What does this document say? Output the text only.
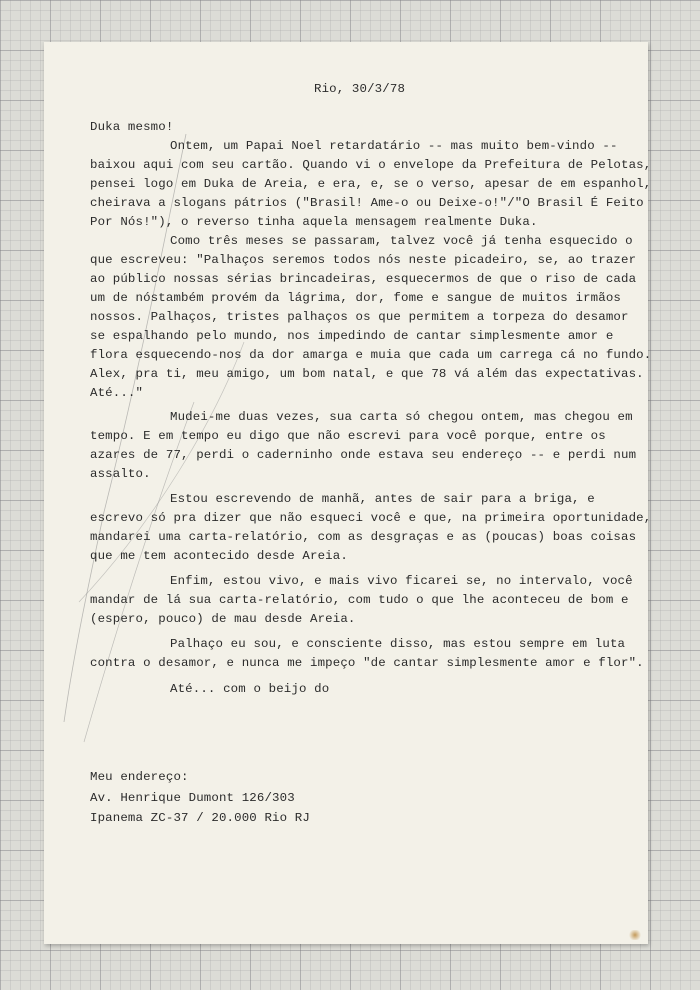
Rio, 30/3/78

Duka mesmo!

Ontem, um Papai Noel retardatário -- mas muito bem-vindo --

baixou aqui com seu cartão. Quando vi o envelope da Prefeitura de Pelotas,

pensei logo em Duka de Areia, e era, e, se o verso, apesar de em espanhol,

cheirava a slogans pátrios ("Brasil! Ame-o ou Deixe-o!"/"O Brasil É Feito

Por Nós!"), o reverso tinha aquela mensagem realmente Duka.

Como três meses se passaram, talvez você já tenha esquecido o

que escreveu: "Palhaços seremos todos nós neste picadeiro, se, ao trazer

ao público nossas sérias brincadeiras, esquecermos de que o riso de cada

um de nóstambém provém da lágrima, dor, fome e sangue de muitos irmãos

nossos. Palhaços, tristes palhaços os que permitem a torpeza do desamor

se espalhando pelo mundo, nos impedindo de cantar simplesmente amor e

flora esquecendo-nos da dor amarga e muia que cada um carrega cá no fundo.

Alex, pra ti, meu amigo, um bom natal, e que 78 vá além das expectativas.

Até..."

Mudei-me duas vezes, sua carta só chegou ontem, mas chegou em

tempo. E em tempo eu digo que não escrevi para você porque, entre os

azares de 77, perdi o caderninho onde estava seu endereço -- e perdi num

assalto.

Estou escrevendo de manhã, antes de sair para a briga, e

escrevo só pra dizer que não esqueci você e que, na primeira oportunidade,

mandarei uma carta-relatório, com as desgraças e as (poucas) boas coisas

que me tem acontecido desde Areia.

Enfim, estou vivo, e mais vivo ficarei se, no intervalo, você

mandar de lá sua carta-relatório, com tudo o que lhe aconteceu de bom e

(espero, pouco) de mau desde Areia.

Palhaço eu sou, e consciente disso, mas estou sempre em luta

contra o desamor, e nunca me impeço "de cantar simplesmente amor e flor".

Até... com o beijo do

Meu endereço:

Av. Henrique Dumont 126/303

Ipanema ZC-37 / 20.000 Rio RJ
